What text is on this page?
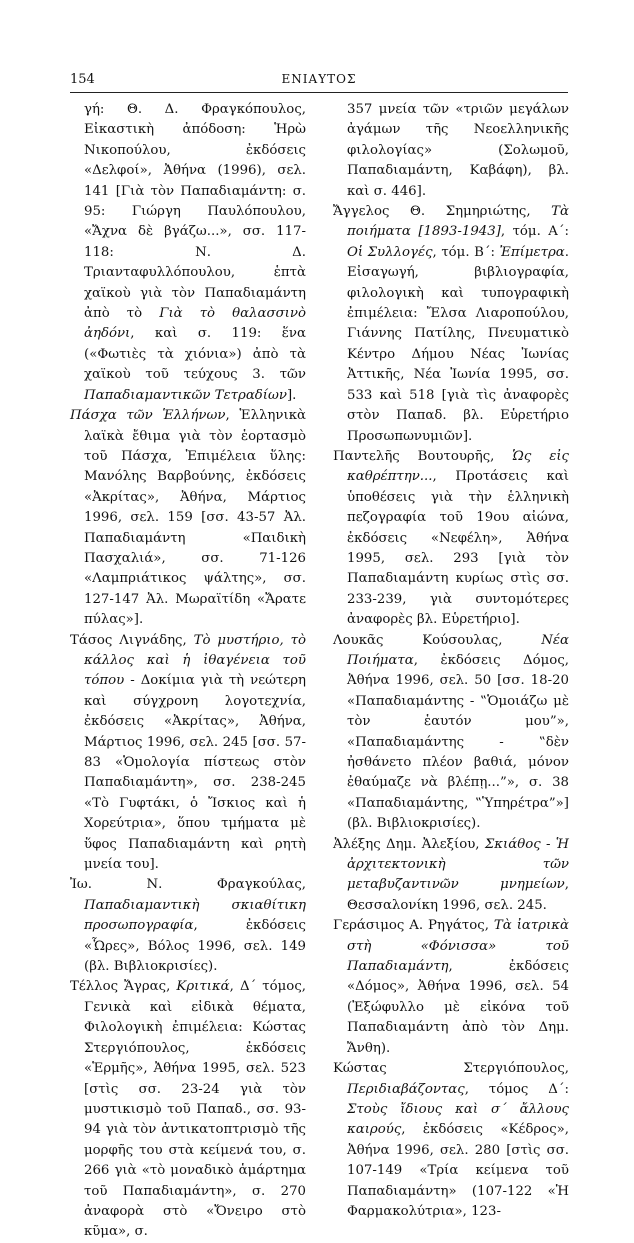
154	ΕΝΙΑΥΤΟΣ

γή: Θ. Δ. Φραγκόπουλος, Εἰκαστικὴ ἀπόδοση: Ἡρὼ Νικοπούλου, ἐκδόσεις «Δελφοί», Ἀθήνα (1996), σελ. 141 [Γιὰ τὸν Παπαδιαμάντη: σ. 95: Γιώργη Παυλόπουλου, «Ἄχνα δὲ βγάζω...», σσ. 117-118: Ν. Δ. Τριανταφυλλόπουλου, ἑπτὰ χαϊκοὺ γιὰ τὸν Παπαδιαμάντη ἀπὸ τὸ Γιὰ τὸ θαλασσινὸ ἀηδόνι, καὶ σ. 119: ἕνα («Φωτιὲς τὰ χιόνια») ἀπὸ τὰ χαϊκοὺ τοῦ τεύχους 3. τῶν Παπαδιαμαντικῶν Τετραδίων].

Πάσχα τῶν Ἑλλήνων, Ἑλληνικὰ λαϊκὰ ἔθιμα γιὰ τὸν ἑορτασμὸ τοῦ Πάσχα, Ἐπιμέλεια ὕλης: Μανόλης Βαρβούνης, ἐκδόσεις «Ἀκρίτας», Ἀθήνα, Μάρτιος 1996, σελ. 159 [σσ. 43-57 Ἀλ. Παπαδιαμάντη «Παιδικὴ Πασχαλιά», σσ. 71-126 «Λαμπριάτικος ψάλτης», σσ. 127-147 Ἀλ. Μωραϊτίδη «Ἄρατε πύλας»].

Τάσος Λιγνάδης, Τὸ μυστήριο, τὸ κάλλος καὶ ἡ ἰθαγένεια τοῦ τόπου - Δοκίμια γιὰ τὴ νεώτερη καὶ σύγχρονη λογοτεχνία, ἐκδόσεις «Ἀκρίτας», Ἀθήνα, Μάρτιος 1996, σελ. 245 [σσ. 57-83 «Ὁμολογία πίστεως στὸν Παπαδιαμάντη», σσ. 238-245 «Τὸ Γυφτάκι, ὁ Ἴσκιος καὶ ἡ Χορεύτρια», ὅπου τμήματα μὲ ὕφος Παπαδιαμάντη καὶ ρητὴ μνεία του].

Ἰω. Ν. Φραγκούλας, Παπαδιαμαντικὴ σκιαθίτικη προσωπογραφία, ἐκδόσεις «Ὧρες», Βόλος 1996, σελ. 149 (βλ. Βιβλιοκρισίες).

Τέλλος Ἄγρας, Κριτικά, Δ΄ τόμος, Γενικὰ καὶ εἰδικὰ θέματα, Φιλολογικὴ ἐπιμέλεια: Κώστας Στεργιόπουλος, ἐκδόσεις «Ἑρμῆς», Ἀθήνα 1995, σελ. 523 [στὶς σσ. 23-24 γιὰ τὸν μυστικισμὸ τοῦ Παπαδ., σσ. 93-94 γιὰ τὸν ἀντικατοπτρισμὸ τῆς μορφῆς του στὰ κείμενά του, σ. 266 γιὰ «τὸ μοναδικὸ ἁμάρτημα τοῦ Παπαδιαμάντη», σ. 270 ἀναφορὰ στὸ «Ὄνειρο στὸ κῦμα», σ.

357 μνεία τῶν «τριῶν μεγάλων ἀγάμων τῆς Νεοελληνικῆς φιλολογίας» (Σολωμοῦ, Παπαδιαμάντη, Καβάφη), βλ. καὶ σ. 446].

Ἄγγελος Θ. Σημηριώτης, Τὰ ποιήματα [1893-1943], τόμ. Α΄: Οἱ Συλλογές, τόμ. Β΄: Ἐπίμετρα. Εἰσαγωγή, βιβλιογραφία, φιλολογικὴ καὶ τυπογραφικὴ ἐπιμέλεια: Ἔλσα Λιαροπούλου, Γιάννης Πατίλης, Πνευματικὸ Κέντρο Δήμου Νέας Ἰωνίας Ἀττικῆς, Νέα Ἰωνία 1995, σσ. 533 καὶ 518 [γιὰ τὶς ἀναφορὲς στὸν Παπαδ. βλ. Εὑρετήριο Προσωπωνυμιῶν].

Παντελῆς Βουτουρῆς, Ὡς εἰς καθρέπτην..., Προτάσεις καὶ ὑποθέσεις γιὰ τὴν ἑλληνικὴ πεζογραφία τοῦ 19ου αἰώνα, ἐκδόσεις «Νεφέλη», Ἀθήνα 1995, σελ. 293 [γιὰ τὸν Παπαδιαμάντη κυρίως στὶς σσ. 233-239, γιὰ συντομότερες ἀναφορὲς βλ. Εὑρετήριο].

Λουκᾶς Κούσουλας, Νέα Ποιήματα, ἐκδόσεις Δόμος, Ἀθήνα 1996, σελ. 50 [σσ. 18-20 «Παπαδιαμάντης - ‟Ὁμοιάζω μὲ τὸν ἑαυτόν μου”», «Παπαδιαμάντης - ‟δὲν ἠσθάνετο πλέον βαθιά, μόνον ἐθαύμαζε νὰ βλέπῃ...”», σ. 38 «Παπαδιαμάντης, ‟Ὑπηρέτρα”»] (βλ. Βιβλιοκρισίες).

Ἀλέξης Δημ. Ἀλεξίου, Σκιάθος - Ἡ ἀρχιτεκτονικὴ τῶν μεταβυζαντινῶν μνημείων, Θεσσαλονίκη 1996, σελ. 245.

Γεράσιμος Α. Ρηγάτος, Τὰ ἰατρικὰ στὴ «Φόνισσα» τοῦ Παπαδιαμάντη, ἐκδόσεις «Δόμος», Ἀθήνα 1996, σελ. 54 (Ἐξώφυλλο μὲ εἰκόνα τοῦ Παπαδιαμάντη ἀπὸ τὸν Δημ. Ἄνθη).

Κώστας Στεργιόπουλος, Περιδιαβάζοντας, τόμος Δ΄: Στοὺς ἴδιους καὶ σ΄ ἄλλους καιρούς, ἐκδόσεις «Κέδρος», Ἀθήνα 1996, σελ. 280 [στὶς σσ. 107-149 «Τρία κείμενα τοῦ Παπαδιαμάντη» (107-122 «Ἡ Φαρμακολύτρια», 123-
